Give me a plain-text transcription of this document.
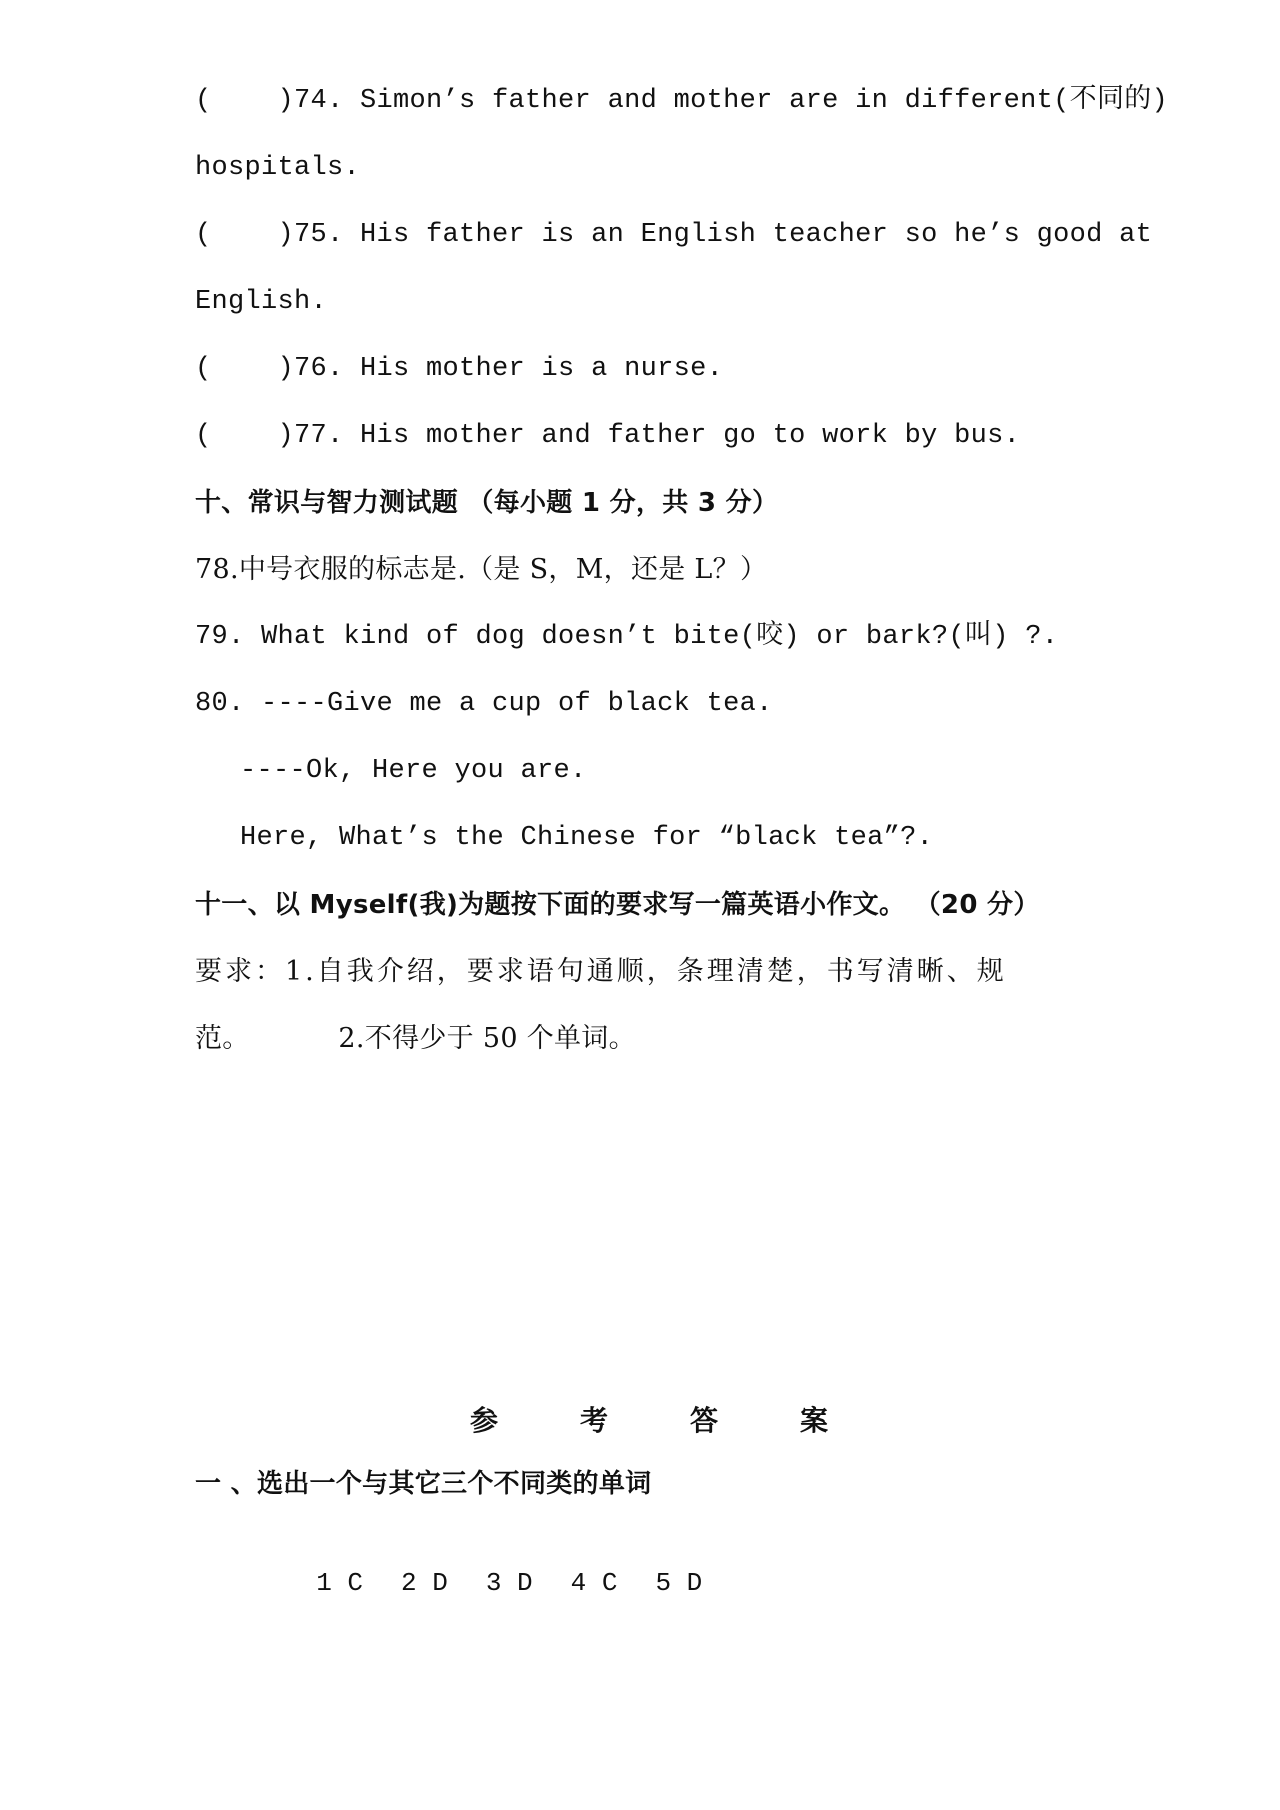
(    )74. Simon’s father and mother are in different(不同的)
hospitals.
(    )75. His father is an English teacher so he’s good at
English.
(    )76. His mother is a nurse.
(    )77. His mother and father go to work by bus.
十、常识与智力测试题 （每小题 1 分，共 3 分）
78.中号衣服的标志是.（是 S，M，还是 L？）
79. What kind of dog doesn’t bite(咬) or bark?(叫) ?.
80. ----Give me a cup of black tea.
----Ok, Here you are.
Here, What’s the Chinese for “black tea”?.
十一、以 Myself(我)为题按下面的要求写一篇英语小作文。 （20 分）
要求：1.自我介绍，要求语句通顺，条理清楚，书写清晰、规
范。          2.不得少于 50 个单词。
参	考	答	案
一 、选出一个与其它三个不同类的单词

1 C 2 D 3 D 4 C 5 D
